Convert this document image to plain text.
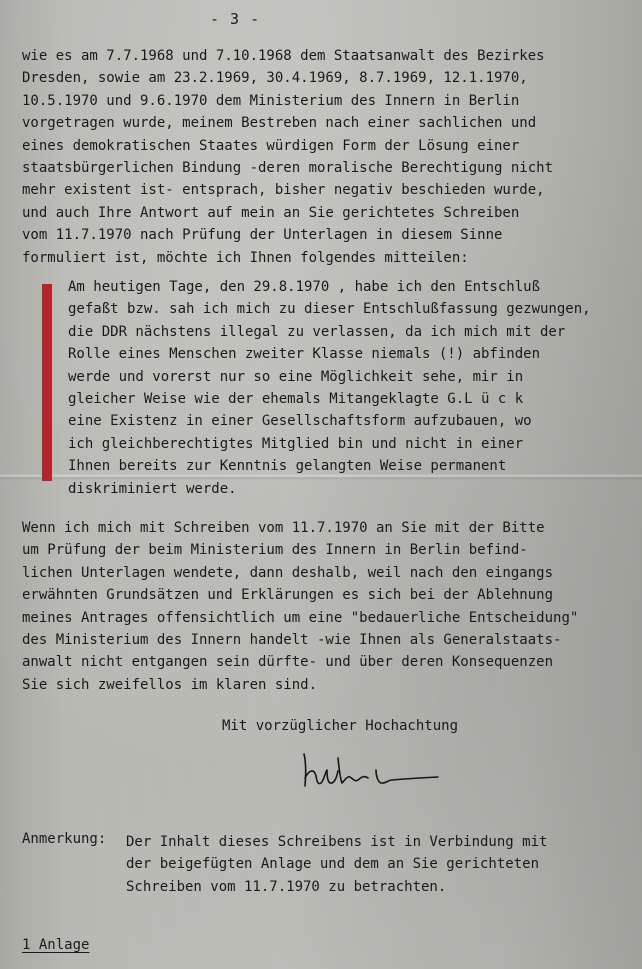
- 3 -

wie es am 7.7.1968 und 7.10.1968 dem Staatsanwalt des Bezirkes
Dresden, sowie am 23.2.1969, 30.4.1969, 8.7.1969, 12.1.1970,
10.5.1970 und 9.6.1970 dem Ministerium des Innern in Berlin
vorgetragen wurde, meinem Bestreben nach einer sachlichen und
eines demokratischen Staates würdigen Form der Lösung einer
staatsbürgerlichen Bindung -deren moralische Berechtigung nicht
mehr existent ist- entsprach, bisher negativ beschieden wurde,
und auch Ihre Antwort auf mein an Sie gerichtetes Schreiben
vom 11.7.1970 nach Prüfung der Unterlagen in diesem Sinne
formuliert ist, möchte ich Ihnen folgendes mitteilen:

Am heutigen Tage, den 29.8.1970 , habe ich den Entschluß
gefaßt bzw. sah ich mich zu dieser Entschlußfassung gezwungen,
die DDR nächstens illegal zu verlassen, da ich mich mit der
Rolle eines Menschen zweiter Klasse niemals (!) abfinden
werde und vorerst nur so eine Möglichkeit sehe, mir in
gleicher Weise wie der ehemals Mitangeklagte G.L ü c k
eine Existenz in einer Gesellschaftsform aufzubauen, wo
ich gleichberechtigtes Mitglied bin und nicht in einer
Ihnen bereits zur Kenntnis gelangten Weise permanent
diskriminiert werde.

Wenn ich mich mit Schreiben vom 11.7.1970 an Sie mit der Bitte
um Prüfung der beim Ministerium des Innern in Berlin befind-
lichen Unterlagen wendete, dann deshalb, weil nach den eingangs
erwähnten Grundsätzen und Erklärungen es sich bei der Ablehnung
meines Antrages offensichtlich um eine "bedauerliche Entscheidung"
des Ministerium des Innern handelt -wie Ihnen als Generalstaats-
anwalt nicht entgangen sein dürfte- und über deren Konsequenzen
Sie sich zweifellos im klaren sind.

Mit vorzüglicher Hochachtung

Anmerkung: Der Inhalt dieses Schreibens ist in Verbindung mit
der beigefügten Anlage und dem an Sie gerichteten
Schreiben vom 11.7.1970 zu betrachten.

1 Anlage
